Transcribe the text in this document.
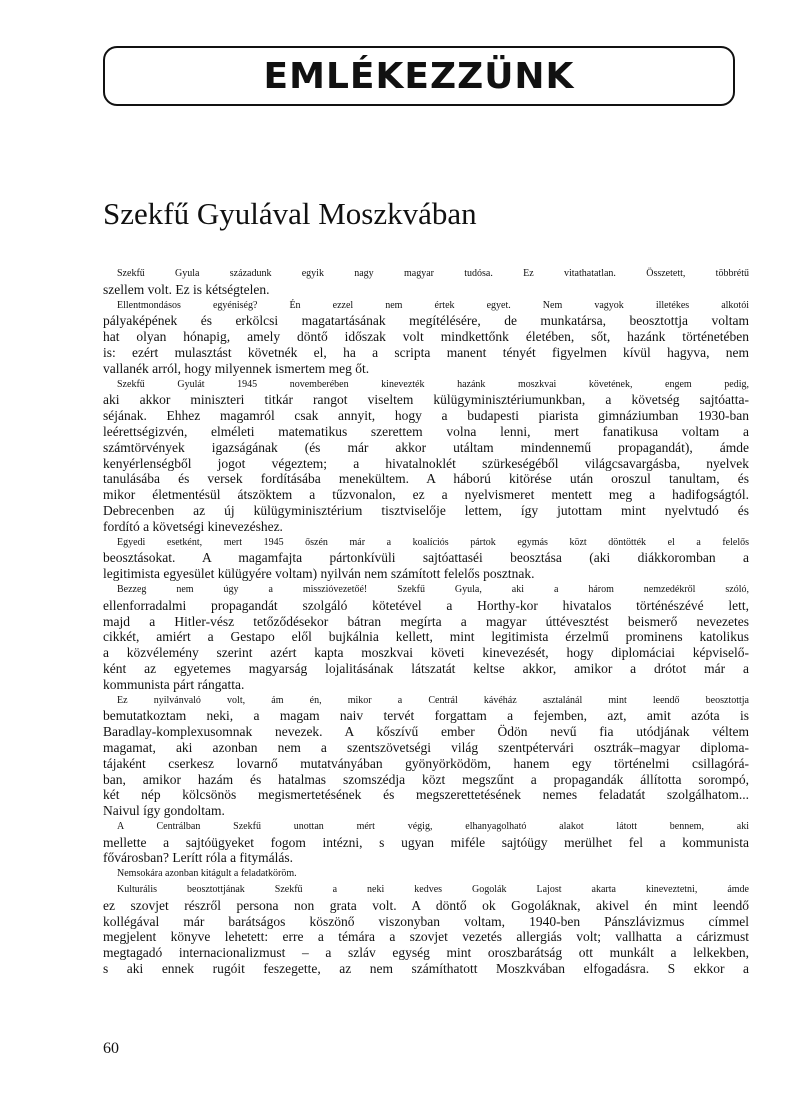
EMLÉKEZZÜNK
Szekfű Gyulával Moszkvában
Szekfű Gyula századunk egyik nagy magyar tudósa. Ez vitathatatlan. Összetett, többrétű
szellem volt. Ez is kétségtelen.
Ellentmondásos egyéniség? Én ezzel nem értek egyet. Nem vagyok illetékes alkotói
pályaképének és erkölcsi magatartásának megítélésére, de munkatársa, beosztottja voltam
hat olyan hónapig, amely döntő időszak volt mindkettőnk életében, sőt, hazánk történetében
is: ezért mulasztást követnék el, ha a scripta manent tényét figyelmen kívül hagyva, nem
vallanék arról, hogy milyennek ismertem meg őt.
Szekfű Gyulát 1945 novemberében kinevezték hazánk moszkvai követének, engem pedig,
aki akkor miniszteri titkár rangot viseltem külügyminisztériumunkban, a követség sajtóatta-
séjának. Ehhez magamról csak annyit, hogy a budapesti piarista gimnáziumban 1930-ban
leérettségizvén, elméleti matematikus szerettem volna lenni, mert fanatikusa voltam a
számtörvények igazságának (és már akkor utáltam mindennemű propagandát), ámde
kenyérlenségből jogot végeztem; a hivatalnoklét szürkeségéből világcsavargásba, nyelvek
tanulásába és versek fordításába menekültem. A háború kitörése után oroszul tanultam, és
mikor életmentésül átszöktem a tűzvonalon, ez a nyelvismeret mentett meg a hadifogságtól.
Debrecenben az új külügyminisztérium tisztviselője lettem, így jutottam mint nyelvtudó és
fordító a követségi kinevezéshez.
Egyedi esetként, mert 1945 őszén már a koalíciós pártok egymás közt döntötték el a felelős
beosztásokat. A magamfajta pártonkívüli sajtóattaséi beosztása (aki diákkoromban a
legitimista egyesület külügyére voltam) nyilván nem számított felelős posztnak.
Bezzeg nem úgy a misszióvezetőé! Szekfű Gyula, aki a három nemzedékről szóló,
ellenforradalmi propagandát szolgáló kötetével a Horthy-kor hivatalos történészévé lett,
majd a Hitler-vész tetőződésekor bátran megírta a magyar úttévesztést beismerő nevezetes
cikkét, amiért a Gestapo elől bujkálnia kellett, mint legitimista érzelmű prominens katolikus
a közvélemény szerint azért kapta moszkvai követi kinevezését, hogy diplomáciai képviselő-
ként az egyetemes magyarság lojalitásának látszatát keltse akkor, amikor a drótot már a
kommunista párt rángatta.
Ez nyilvánvaló volt, ám én, mikor a Centrál kávéház asztalánál mint leendő beosztottja
bemutatkoztam neki, a magam naiv tervét forgattam a fejemben, azt, amit azóta is
Baradlay-komplexusomnak nevezek. A kőszívű ember Ödön nevű fia utódjának véltem
magamat, aki azonban nem a szentszövetségi világ szentpétervári osztrák–magyar diploma-
tájaként cserkesz lovarnő mutatványában gyönyörködöm, hanem egy történelmi csillagórá-
ban, amikor hazám és hatalmas szomszédja közt megszűnt a propagandák állította sorompó,
két nép kölcsönös megismertetésének és megszerettetésének nemes feladatát szolgálhatom...
Naivul így gondoltam.
A Centrálban Szekfű unottan mért végig, elhanyagolható alakot látott bennem, aki
mellette a sajtóügyeket fogom intézni, s ugyan miféle sajtóügy merülhet fel a kommunista
fővárosban? Lerítt róla a fitymálás.
Nemsokára azonban kitágult a feladatköröm.
Kulturális beosztottjának Szekfű a neki kedves Gogolák Lajost akarta kineveztetni, ámde
ez szovjet részről persona non grata volt. A döntő ok Gogoláknak, akivel én mint leendő
kollégával már barátságos köszönő viszonyban voltam, 1940-ben Pánszlávizmus címmel
megjelent könyve lehetett: erre a témára a szovjet vezetés allergiás volt; vallhatta a cárizmust
megtagadó internacionalizmust – a szláv egység mint oroszbarátság ott munkált a lelkekben,
s aki ennek rugóit feszegette, az nem számíthatott Moszkvában elfogadásra. S ekkor a
60
